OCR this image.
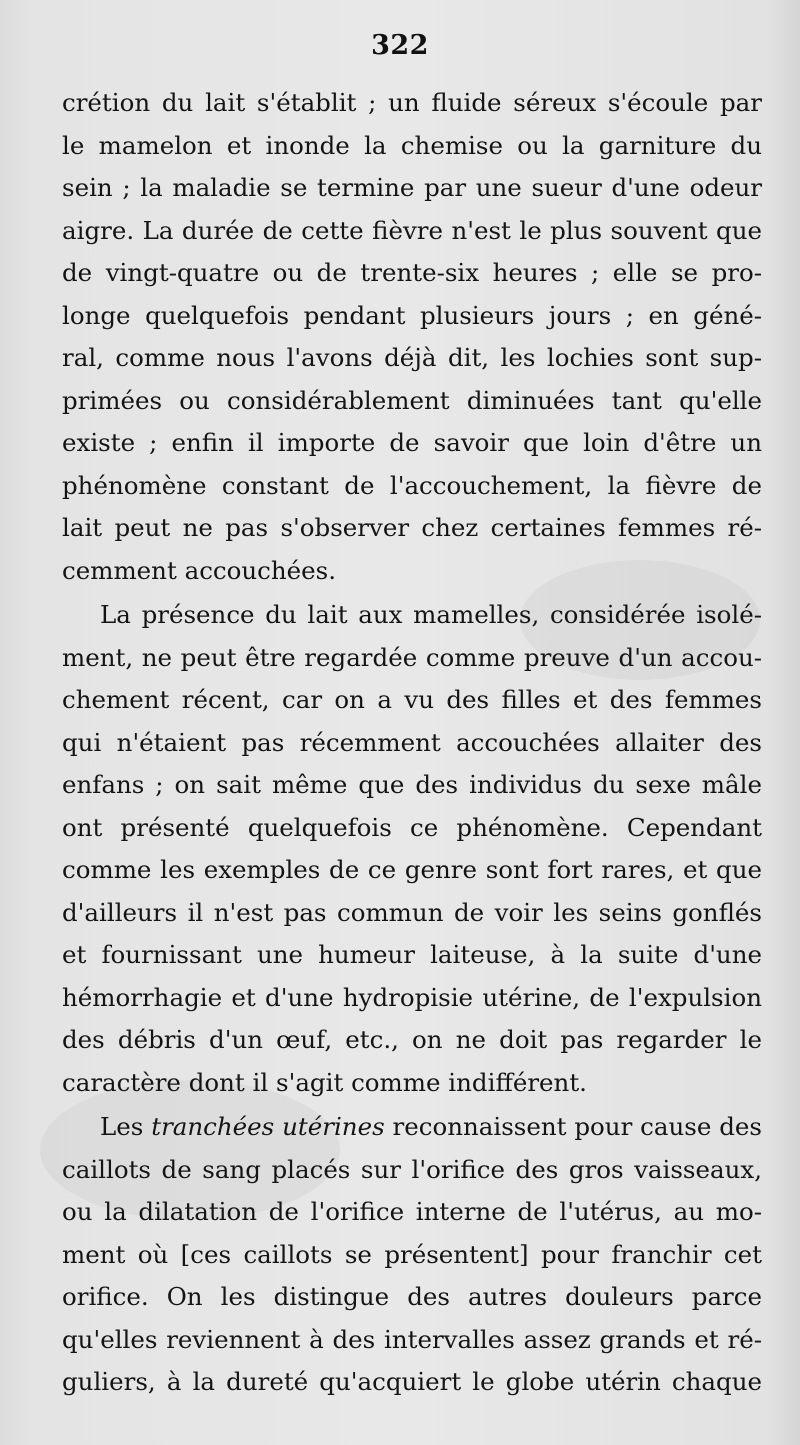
322
crétion du lait s'établit ; un fluide séreux s'écoule par
le mamelon et inonde la chemise ou la garniture du
sein ; la maladie se termine par une sueur d'une odeur
aigre. La durée de cette fièvre n'est le plus souvent que
de vingt-quatre ou de trente-six heures ; elle se pro-
longe quelquefois pendant plusieurs jours ; en géné-
ral, comme nous l'avons déjà dit, les lochies sont sup-
primées ou considérablement diminuées tant qu'elle
existe ; enfin il importe de savoir que loin d'être un
phénomène constant de l'accouchement, la fièvre de
lait peut ne pas s'observer chez certaines femmes ré-
cemment accouchées.
La présence du lait aux mamelles, considérée isolé-
ment, ne peut être regardée comme preuve d'un accou-
chement récent, car on a vu des filles et des femmes
qui n'étaient pas récemment accouchées allaiter des
enfans ; on sait même que des individus du sexe mâle
ont présenté quelquefois ce phénomène. Cependant
comme les exemples de ce genre sont fort rares, et que
d'ailleurs il n'est pas commun de voir les seins gonflés
et fournissant une humeur laiteuse, à la suite d'une
hémorrhagie et d'une hydropisie utérine, de l'expulsion
des débris d'un œuf, etc., on ne doit pas regarder le
caractère dont il s'agit comme indifférent.
Les tranchées utérines reconnaissent pour cause des
caillots de sang placés sur l'orifice des gros vaisseaux,
ou la dilatation de l'orifice interne de l'utérus, au mo-
ment où [ces caillots se présentent] pour franchir cet
orifice. On les distingue des autres douleurs parce
qu'elles reviennent à des intervalles assez grands et ré-
guliers, à la dureté qu'acquiert le globe utérin chaque
